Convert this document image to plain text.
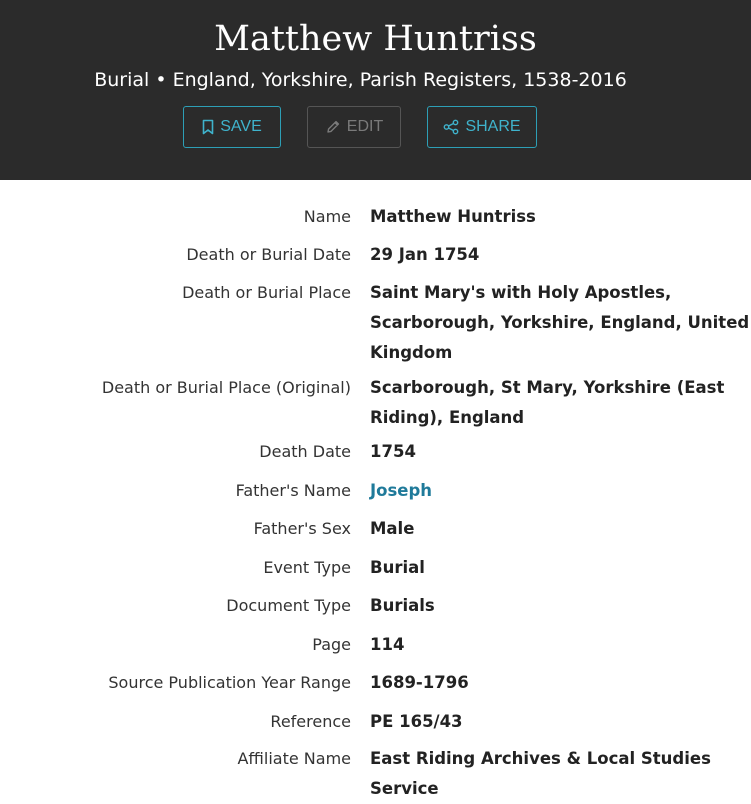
Matthew Huntriss
Burial • England, Yorkshire, Parish Registers, 1538-2016
SAVE	EDIT	SHARE
Name Matthew Huntriss
Death or Burial Date 29 Jan 1754
Death or Burial Place Saint Mary's with Holy Apostles, Scarborough, Yorkshire, England, United Kingdom
Death or Burial Place (Original) Scarborough, St Mary, Yorkshire (East Riding), England
Death Date 1754
Father's Name Joseph
Father's Sex Male
Event Type Burial
Document Type Burials
Page 114
Source Publication Year Range 1689-1796
Reference PE 165/43
Affiliate Name East Riding Archives & Local Studies Service
